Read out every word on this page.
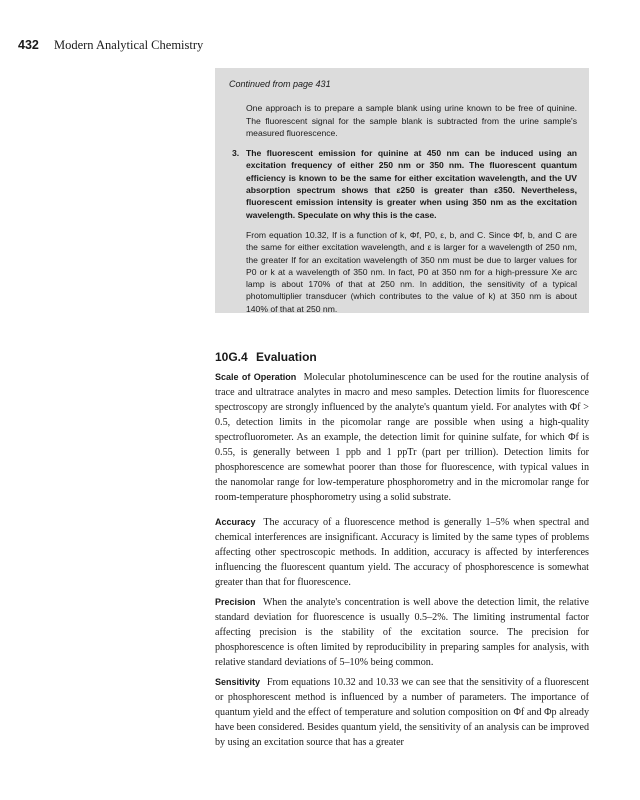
432 Modern Analytical Chemistry

Continued from page 431

One approach is to prepare a sample blank using urine known to be free of quinine. The fluorescent signal for the sample blank is subtracted from the urine sample's measured fluorescence.

3. The fluorescent emission for quinine at 450 nm can be induced using an excitation frequency of either 250 nm or 350 nm. The fluorescent quantum efficiency is known to be the same for either excitation wavelength, and the UV absorption spectrum shows that ε250 is greater than ε350. Nevertheless, fluorescent emission intensity is greater when using 350 nm as the excitation wavelength. Speculate on why this is the case.

From equation 10.32, If is a function of k, Φf, P0, ε, b, and C. Since Φf, b, and C are the same for either excitation wavelength, and ε is larger for a wavelength of 250 nm, the greater If for an excitation wavelength of 350 nm must be due to larger values for P0 or k at a wavelength of 350 nm. In fact, P0 at 350 nm for a high-pressure Xe arc lamp is about 170% of that at 250 nm. In addition, the sensitivity of a typical photomultiplier transducer (which contributes to the value of k) at 350 nm is about 140% of that at 250 nm.

10G.4 Evaluation

Scale of Operation Molecular photoluminescence can be used for the routine analysis of trace and ultratrace analytes in macro and meso samples. Detection limits for fluorescence spectroscopy are strongly influenced by the analyte's quantum yield. For analytes with Φf > 0.5, detection limits in the picomolar range are possible when using a high-quality spectrofluorometer. As an example, the detection limit for quinine sulfate, for which Φf is 0.55, is generally between 1 ppb and 1 ppTr (part per trillion). Detection limits for phosphorescence are somewhat poorer than those for fluorescence, with typical values in the nanomolar range for low-temperature phosphorometry and in the micromolar range for room-temperature phosphorometry using a solid substrate.

Accuracy The accuracy of a fluorescence method is generally 1–5% when spectral and chemical interferences are insignificant. Accuracy is limited by the same types of problems affecting other spectroscopic methods. In addition, accuracy is affected by interferences influencing the fluorescent quantum yield. The accuracy of phosphorescence is somewhat greater than that for fluorescence.

Precision When the analyte's concentration is well above the detection limit, the relative standard deviation for fluorescence is usually 0.5–2%. The limiting instrumental factor affecting precision is the stability of the excitation source. The precision for phosphorescence is often limited by reproducibility in preparing samples for analysis, with relative standard deviations of 5–10% being common.

Sensitivity From equations 10.32 and 10.33 we can see that the sensitivity of a fluorescent or phosphorescent method is influenced by a number of parameters. The importance of quantum yield and the effect of temperature and solution composition on Φf and Φp already have been considered. Besides quantum yield, the sensitivity of an analysis can be improved by using an excitation source that has a greater
